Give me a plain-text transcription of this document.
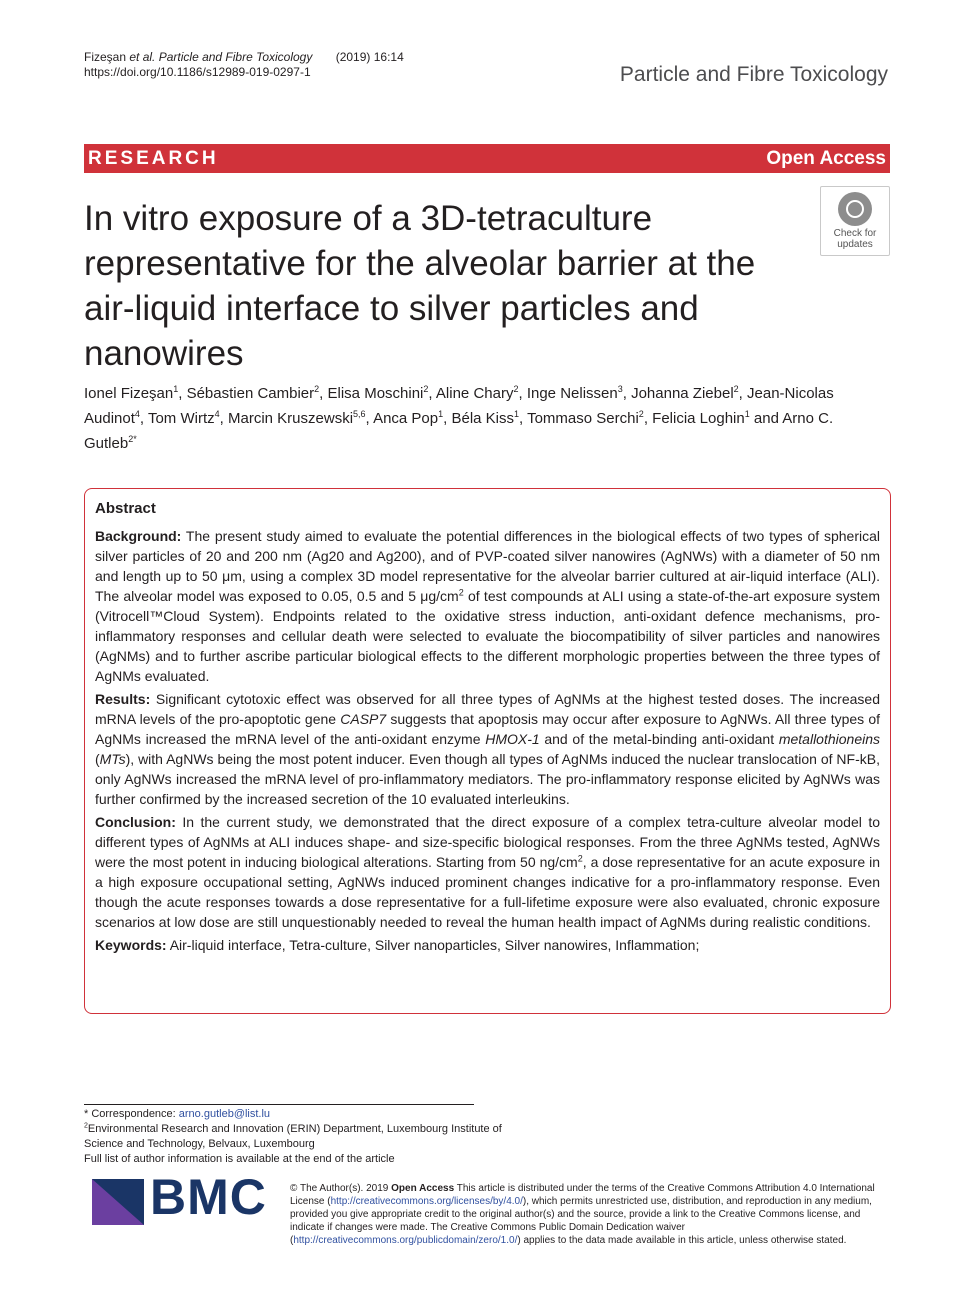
Fizeşan et al. Particle and Fibre Toxicology (2019) 16:14
https://doi.org/10.1186/s12989-019-0297-1	Particle and Fibre Toxicology
RESEARCH	Open Access
In vitro exposure of a 3D-tetraculture representative for the alveolar barrier at the air-liquid interface to silver particles and nanowires
Check for
updates
Ionel Fizeşan$^1$, Sébastien Cambier$^2$, Elisa Moschini$^2$, Aline Chary$^2$, Inge Nelissen$^3$, Johanna Ziebel$^2$, Jean-Nicolas Audinot$^4$, Tom Wirtz$^4$, Marcin Kruszewski$^{5,6}$, Anca Pop$^1$, Béla Kiss$^1$, Tommaso Serchi$^2$, Felicia Loghin$^1$ and Arno C. Gutleb$^{2*}$
Abstract

Background: The present study aimed to evaluate the potential differences in the biological effects of two types of spherical silver particles of 20 and 200 nm (Ag20 and Ag200), and of PVP-coated silver nanowires (AgNWs) with a diameter of 50 nm and length up to 50 μm, using a complex 3D model representative for the alveolar barrier cultured at air-liquid interface (ALI). The alveolar model was exposed to 0.05, 0.5 and 5 $\mu g/cm^2$ of test compounds at ALI using a state-of-the-art exposure system (Vitrocell™Cloud System). Endpoints related to the oxidative stress induction, anti-oxidant defence mechanisms, pro-inflammatory responses and cellular death were selected to evaluate the biocompatibility of silver particles and nanowires (AgNMs) and to further ascribe particular biological effects to the different morphologic properties between the three types of AgNMs evaluated.

Results: Significant cytotoxic effect was observed for all three types of AgNMs at the highest tested doses. The increased mRNA levels of the pro-apoptotic gene CASP7 suggests that apoptosis may occur after exposure to AgNWs. All three types of AgNMs increased the mRNA level of the anti-oxidant enzyme HMOX-1 and of the metal-binding anti-oxidant metallothioneins (MTs), with AgNWs being the most potent inducer. Even though all types of AgNMs induced the nuclear translocation of NF-kB, only AgNWs increased the mRNA level of pro-inflammatory mediators. The pro-inflammatory response elicited by AgNWs was further confirmed by the increased secretion of the 10 evaluated interleukins.

Conclusion: In the current study, we demonstrated that the direct exposure of a complex tetra-culture alveolar model to different types of AgNMs at ALI induces shape- and size-specific biological responses. From the three AgNMs tested, AgNWs were the most potent in inducing biological alterations. Starting from 50 $ng/cm^2$, a dose representative for an acute exposure in a high exposure occupational setting, AgNWs induced prominent changes indicative for a pro-inflammatory response. Even though the acute responses towards a dose representative for a full-lifetime exposure were also evaluated, chronic exposure scenarios at low dose are still unquestionably needed to reveal the human health impact of AgNMs during realistic conditions.

Keywords: Air-liquid interface, Tetra-culture, Silver nanoparticles, Silver nanowires, Inflammation;

* Correspondence: arno.gutleb@list.lu
$^2$Environmental Research and Innovation (ERIN) Department, Luxembourg Institute of Science and Technology, Belvaux, Luxembourg
Full list of author information is available at the end of the article
BMC © The Author(s). 2019 Open Access This article is distributed under the terms of the Creative Commons Attribution 4.0 International License (http://creativecommons.org/licenses/by/4.0/), which permits unrestricted use, distribution, and reproduction in any medium, provided you give appropriate credit to the original author(s) and the source, provide a link to the Creative Commons license, and indicate if changes were made. The Creative Commons Public Domain Dedication waiver (http://creativecommons.org/publicdomain/zero/1.0/) applies to the data made available in this article, unless otherwise stated.
